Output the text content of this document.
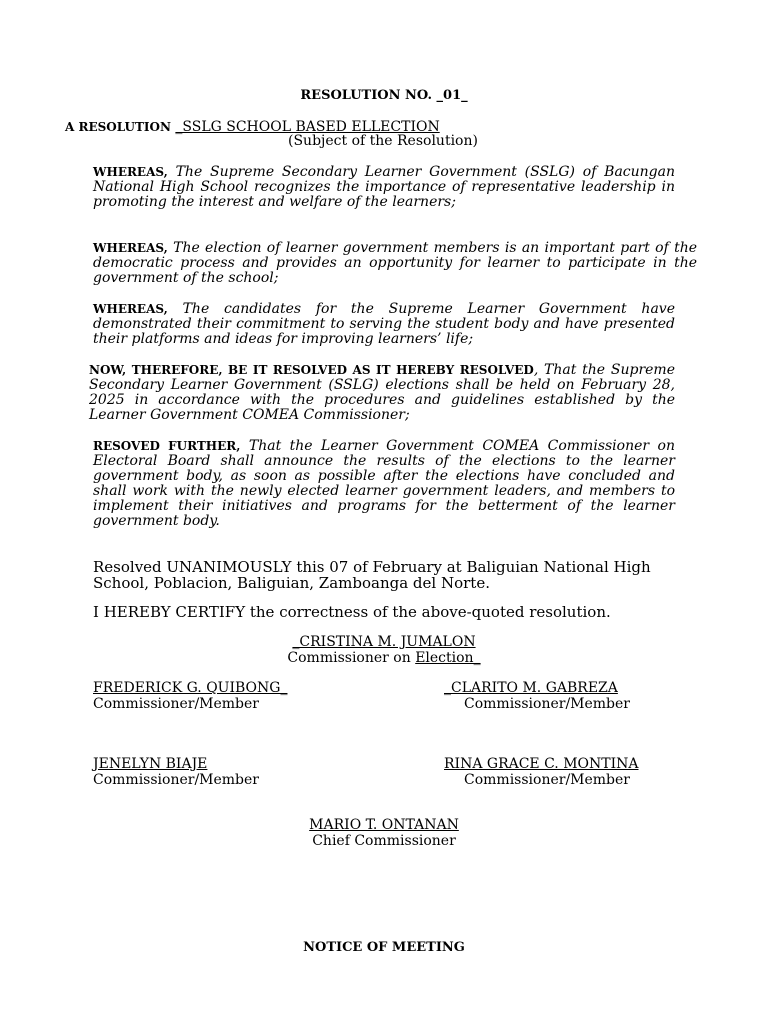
RESOLUTION NO. _01_
A RESOLUTION _SSLG SCHOOL BASED ELLECTION
(Subject of the Resolution)
WHEREAS, The Supreme Secondary Learner Government (SSLG) of Bacungan National High School recognizes the importance of representative leadership in promoting the interest and welfare of the learners;
WHEREAS, The election of learner government members is an important part of the democratic process and provides an opportunity for learner to participate in the government of the school;
WHEREAS, The candidates for the Supreme Learner Government have demonstrated their commitment to serving the student body and have presented their platforms and ideas for improving learners’ life;
NOW, THEREFORE, BE IT RESOLVED AS IT HEREBY RESOLVED, That the Supreme Secondary Learner Government (SSLG) elections shall be held on February 28, 2025 in accordance with the procedures and guidelines established by the Learner Government COMEA Commissioner;
RESOVED FURTHER, That the Learner Government COMEA Commissioner on Electoral Board shall announce the results of the elections to the learner government body, as soon as possible after the elections have concluded and shall work with the newly elected learner government leaders, and members to implement their initiatives and programs for the betterment of the learner government body.
Resolved UNANIMOUSLY this 07 of February at Baliguian National High School, Poblacion, Baliguian, Zamboanga del Norte.
I HEREBY CERTIFY the correctness of the above-quoted resolution.
_CRISTINA M. JUMALON
Commissioner on Election_
FREDERICK G. QUIBONG_
Commissioner/Member
_CLARITO M. GABREZA
Commissioner/Member
JENELYN BIAJE
Commissioner/Member
RINA GRACE C. MONTINA
Commissioner/Member
MARIO T. ONTANAN
Chief Commissioner
NOTICE OF MEETING
